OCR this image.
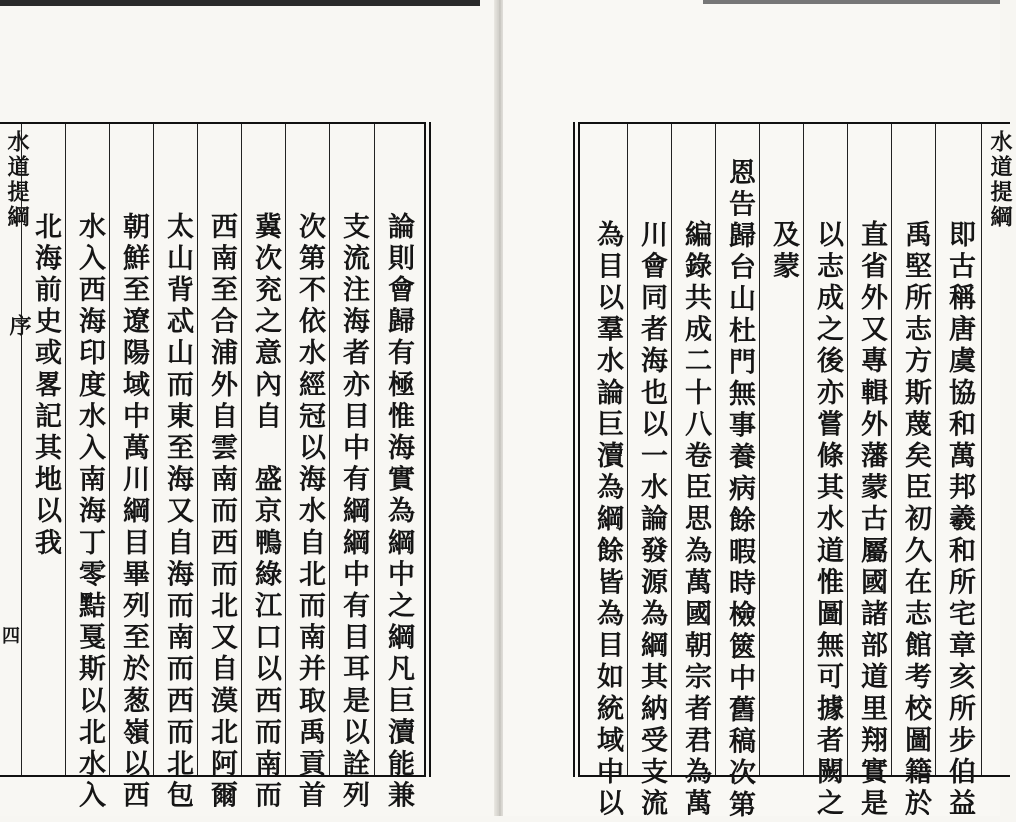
論則會歸有極惟海實為綱中之綱凡巨瀆能兼
支流注海者亦目中有綱綱中有目耳是以詮列
次第不依水經冠以海水自北而南并取禹貢首
冀次兖之意內自　盛京鴨綠江口以西而南而
西南至合浦外自雲南而西而北又自漠北阿爾
太山背忒山而東至海又自海而南而西而北包
朝鮮至遼陽域中萬川綱目畢列至於葱嶺以西
水入西海印度水入南海丁零黠戛斯以北水入
北海前史或畧記其地以我
水道提綱
序
四	即古稱唐虞協和萬邦羲和所宅章亥所步伯益
禹堅所志方斯蔑矣臣初久在志館考校圖籍於
直省外又專輯外藩蒙古屬國諸部道里翔實是
以志成之後亦嘗條其水道惟圖無可據者闕之
及蒙
恩告歸台山杜門無事養病餘暇時檢篋中舊稿次第
編錄共成二十八卷臣思為萬國朝宗者君為萬
川會同者海也以一水論發源為綱其納受支流
為目以羣水論巨瀆為綱餘皆為目如統域中以
水道提綱
